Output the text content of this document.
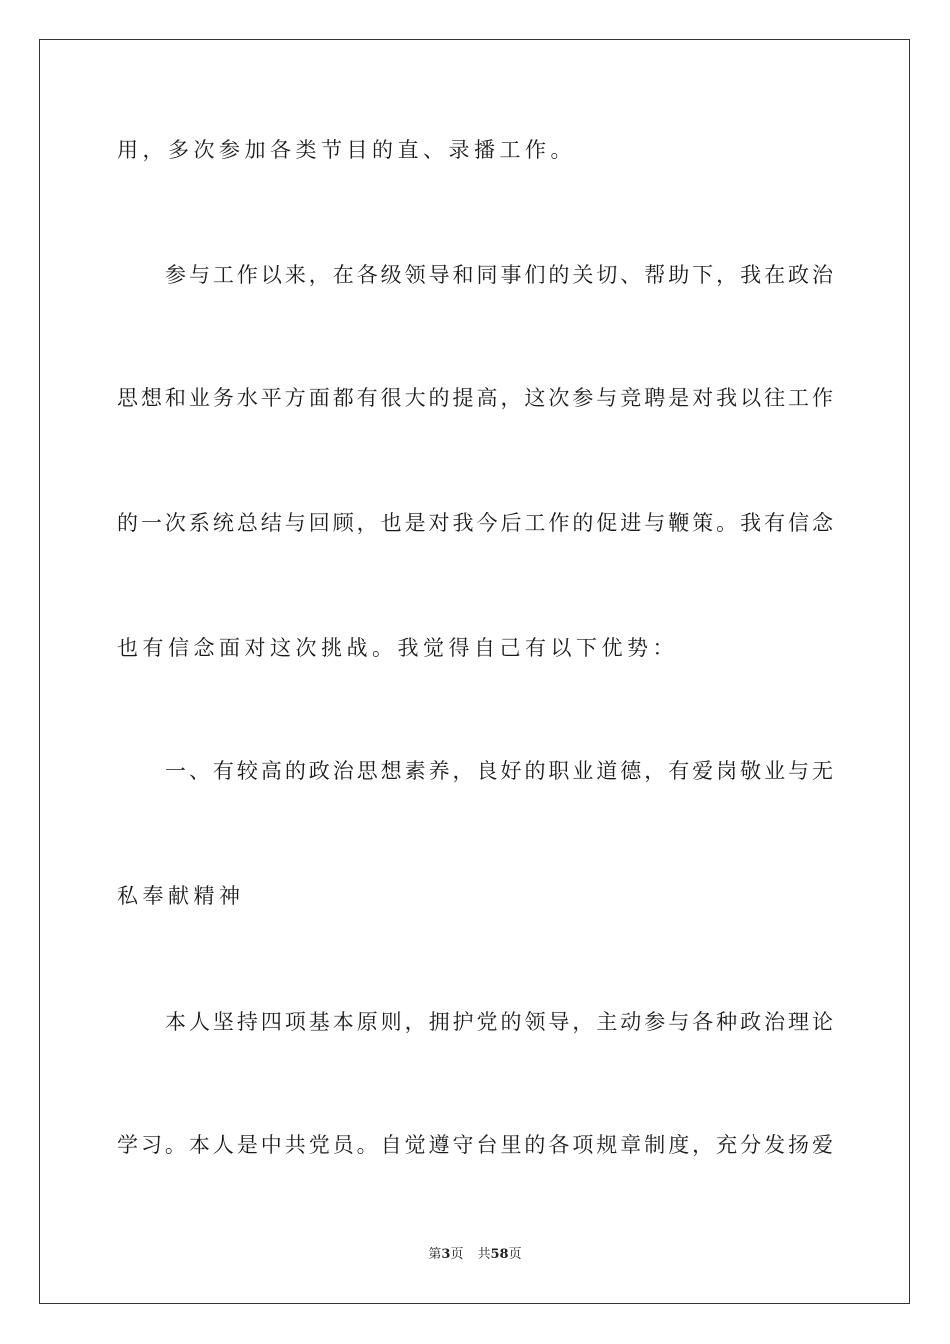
用，多次参加各类节目的直、录播工作。
参与工作以来，在各级领导和同事们的关切、帮助下，我在政治
思想和业务水平方面都有很大的提高，这次参与竞聘是对我以往工作
的一次系统总结与回顾，也是对我今后工作的促进与鞭策。我有信念
也有信念面对这次挑战。我觉得自己有以下优势：
一、有较高的政治思想素养，良好的职业道德，有爱岗敬业与无
私奉献精神
本人坚持四项基本原则，拥护党的领导，主动参与各种政治理论
学习。本人是中共党员。自觉遵守台里的各项规章制度，充分发扬爱
第3页 共58页
